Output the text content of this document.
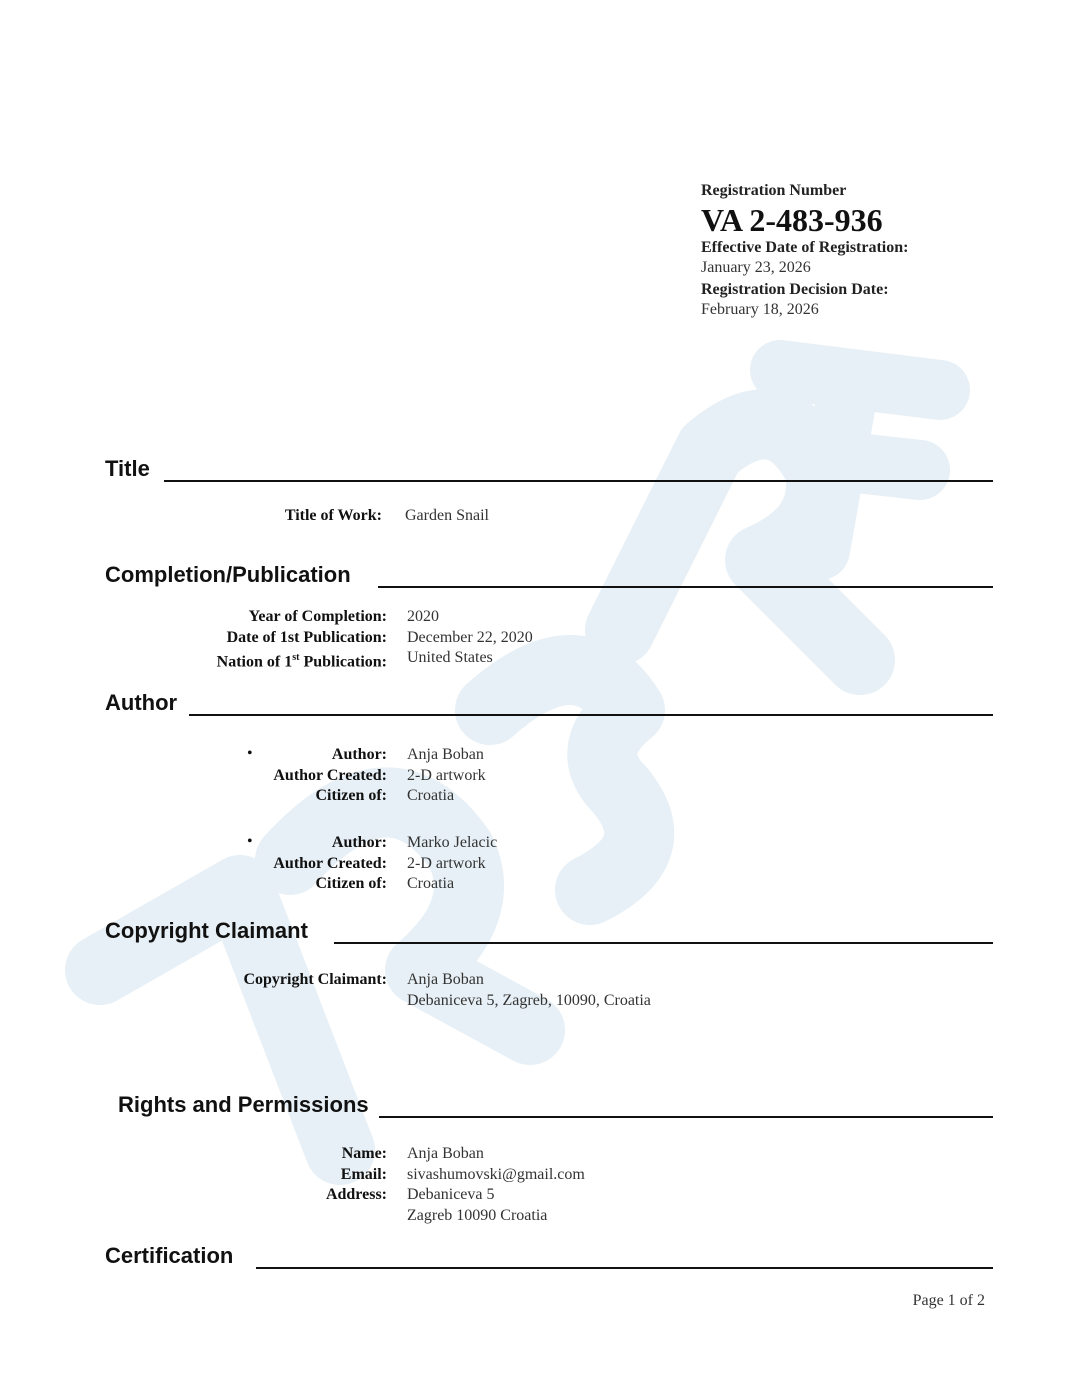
Registration Number
VA 2-483-936
Effective Date of Registration:
January 23, 2026
Registration Decision Date:
February 18, 2026
Title
Title of Work: Garden Snail
Completion/Publication
Year of Completion: 2020
Date of 1st Publication: December 22, 2020
Nation of 1st Publication: United States
Author
•	Author: Anja Boban
Author Created: 2-D artwork
Citizen of: Croatia
•	Author: Marko Jelacic
Author Created: 2-D artwork
Citizen of: Croatia
Copyright Claimant
Copyright Claimant: Anja Boban
Debaniceva 5, Zagreb, 10090, Croatia
Rights and Permissions
Name: Anja Boban
Email: sivashumovski@gmail.com
Address: Debaniceva 5
Zagreb 10090 Croatia
Certification
Page 1 of 2
